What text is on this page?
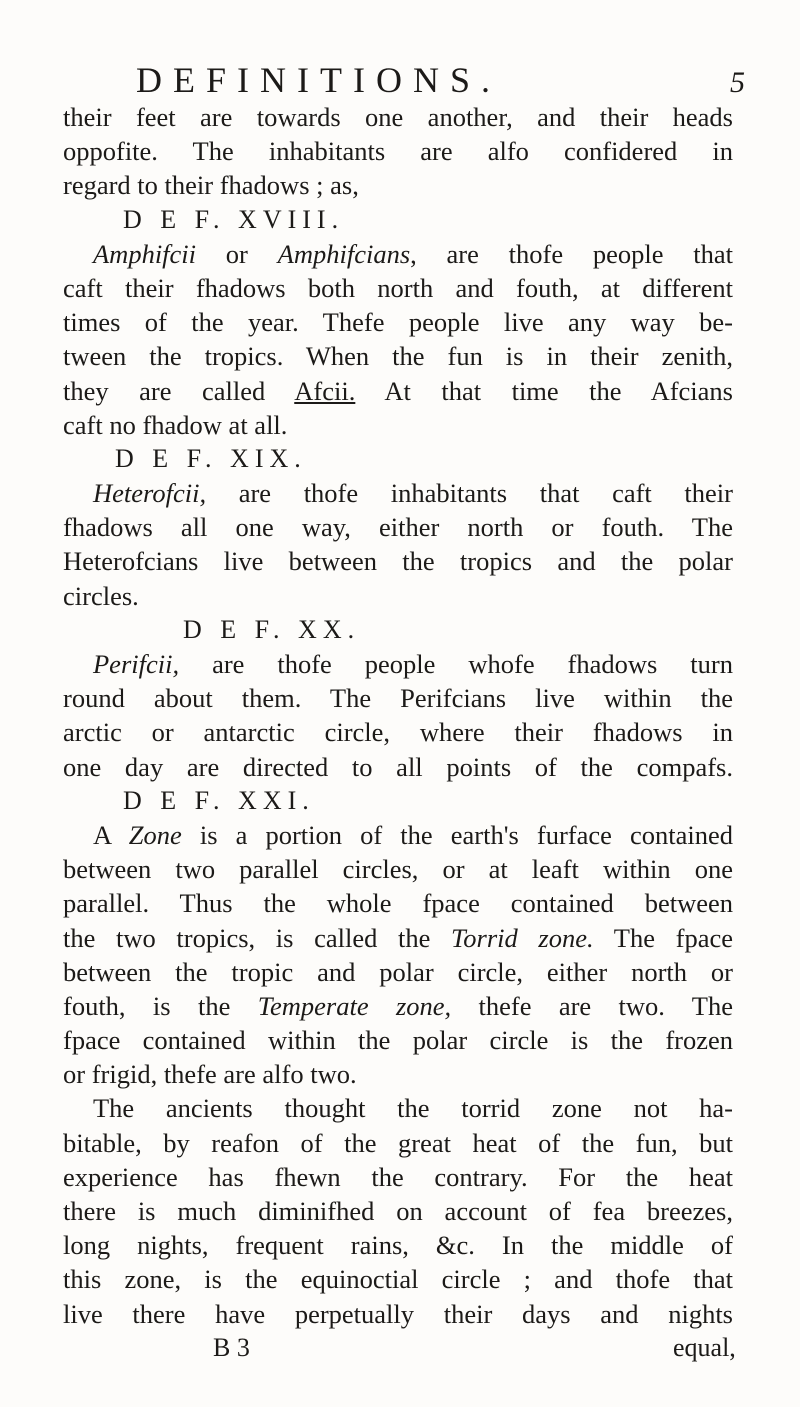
DEFINITIONS.	5
their feet are towards one another, and their heads
oppofite. The inhabitants are alfo confidered in
regard to their fhadows ; as,
D E F. XVIII.
Amphifcii or Amphifcians, are thofe people that
caft their fhadows both north and fouth, at different
times of the year. Thefe people live any way be-
tween the tropics. When the fun is in their zenith,
they are called Afcii. At that time the Afcians
caft no fhadow at all.
D E F. XIX.
Heterofcii, are thofe inhabitants that caft their
fhadows all one way, either north or fouth. The
Heterofcians live between the tropics and the polar
circles.
D E F. XX.
Perifcii, are thofe people whofe fhadows turn
round about them. The Perifcians live within the
arctic or antarctic circle, where their fhadows in
one day are directed to all points of the compafs.
D E F. XXI.
A Zone is a portion of the earth's furface contained
between two parallel circles, or at leaft within one
parallel. Thus the whole fpace contained between
the two tropics, is called the Torrid zone. The fpace
between the tropic and polar circle, either north or
fouth, is the Temperate zone, thefe are two. The
fpace contained within the polar circle is the frozen
or frigid, thefe are alfo two.
The ancients thought the torrid zone not ha-
bitable, by reafon of the great heat of the fun, but
experience has fhewn the contrary. For the heat
there is much diminifhed on account of fea breezes,
long nights, frequent rains, &c. In the middle of
this zone, is the equinoctial circle ; and thofe that
live there have perpetually their days and nights
B 3	equal,
